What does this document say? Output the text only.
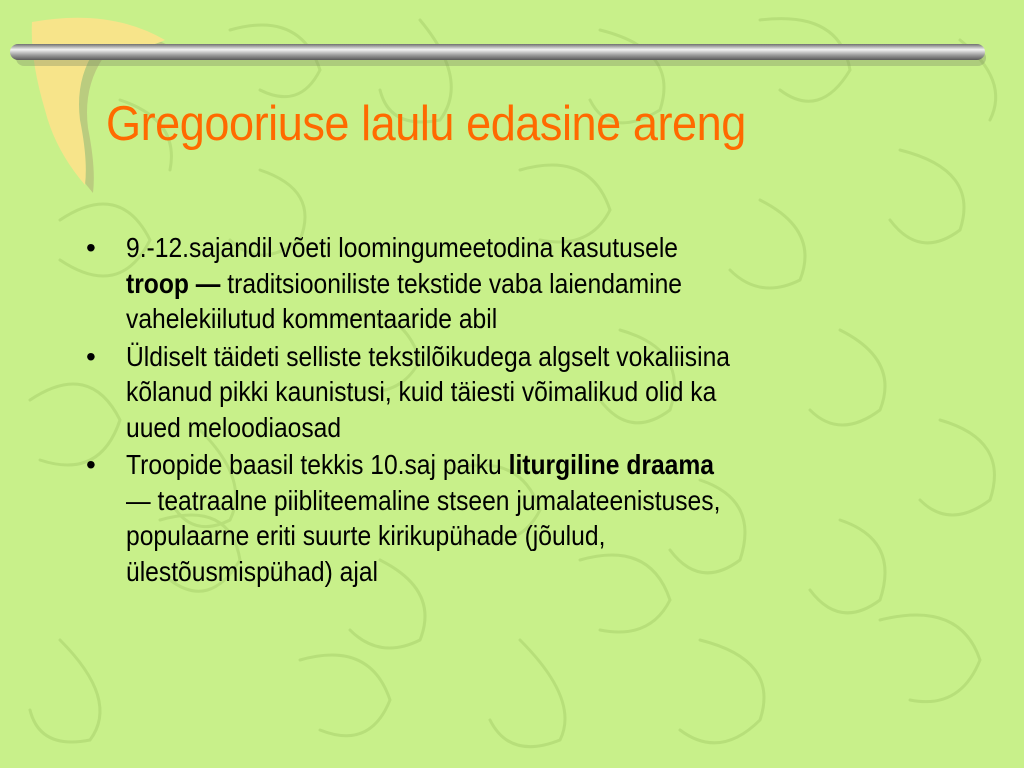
Gregooriuse laulu edasine areng
•	9.-12.sajandil võeti loomingumeetodina kasutusele
troop — traditsiooniliste tekstide vaba laiendamine
vahelekiilutud kommentaaride abil
•	Üldiselt täideti selliste tekstilõikudega algselt vokaliisina
kõlanud pikki kaunistusi, kuid täiesti võimalikud olid ka
uued meloodiaosad
•	Troopide baasil tekkis 10.saj paiku liturgiline draama
— teatraalne piibliteemaline stseen jumalateenistuses,
populaarne eriti suurte kirikupühade (jõulud,
ülestõusmispühad) ajal
